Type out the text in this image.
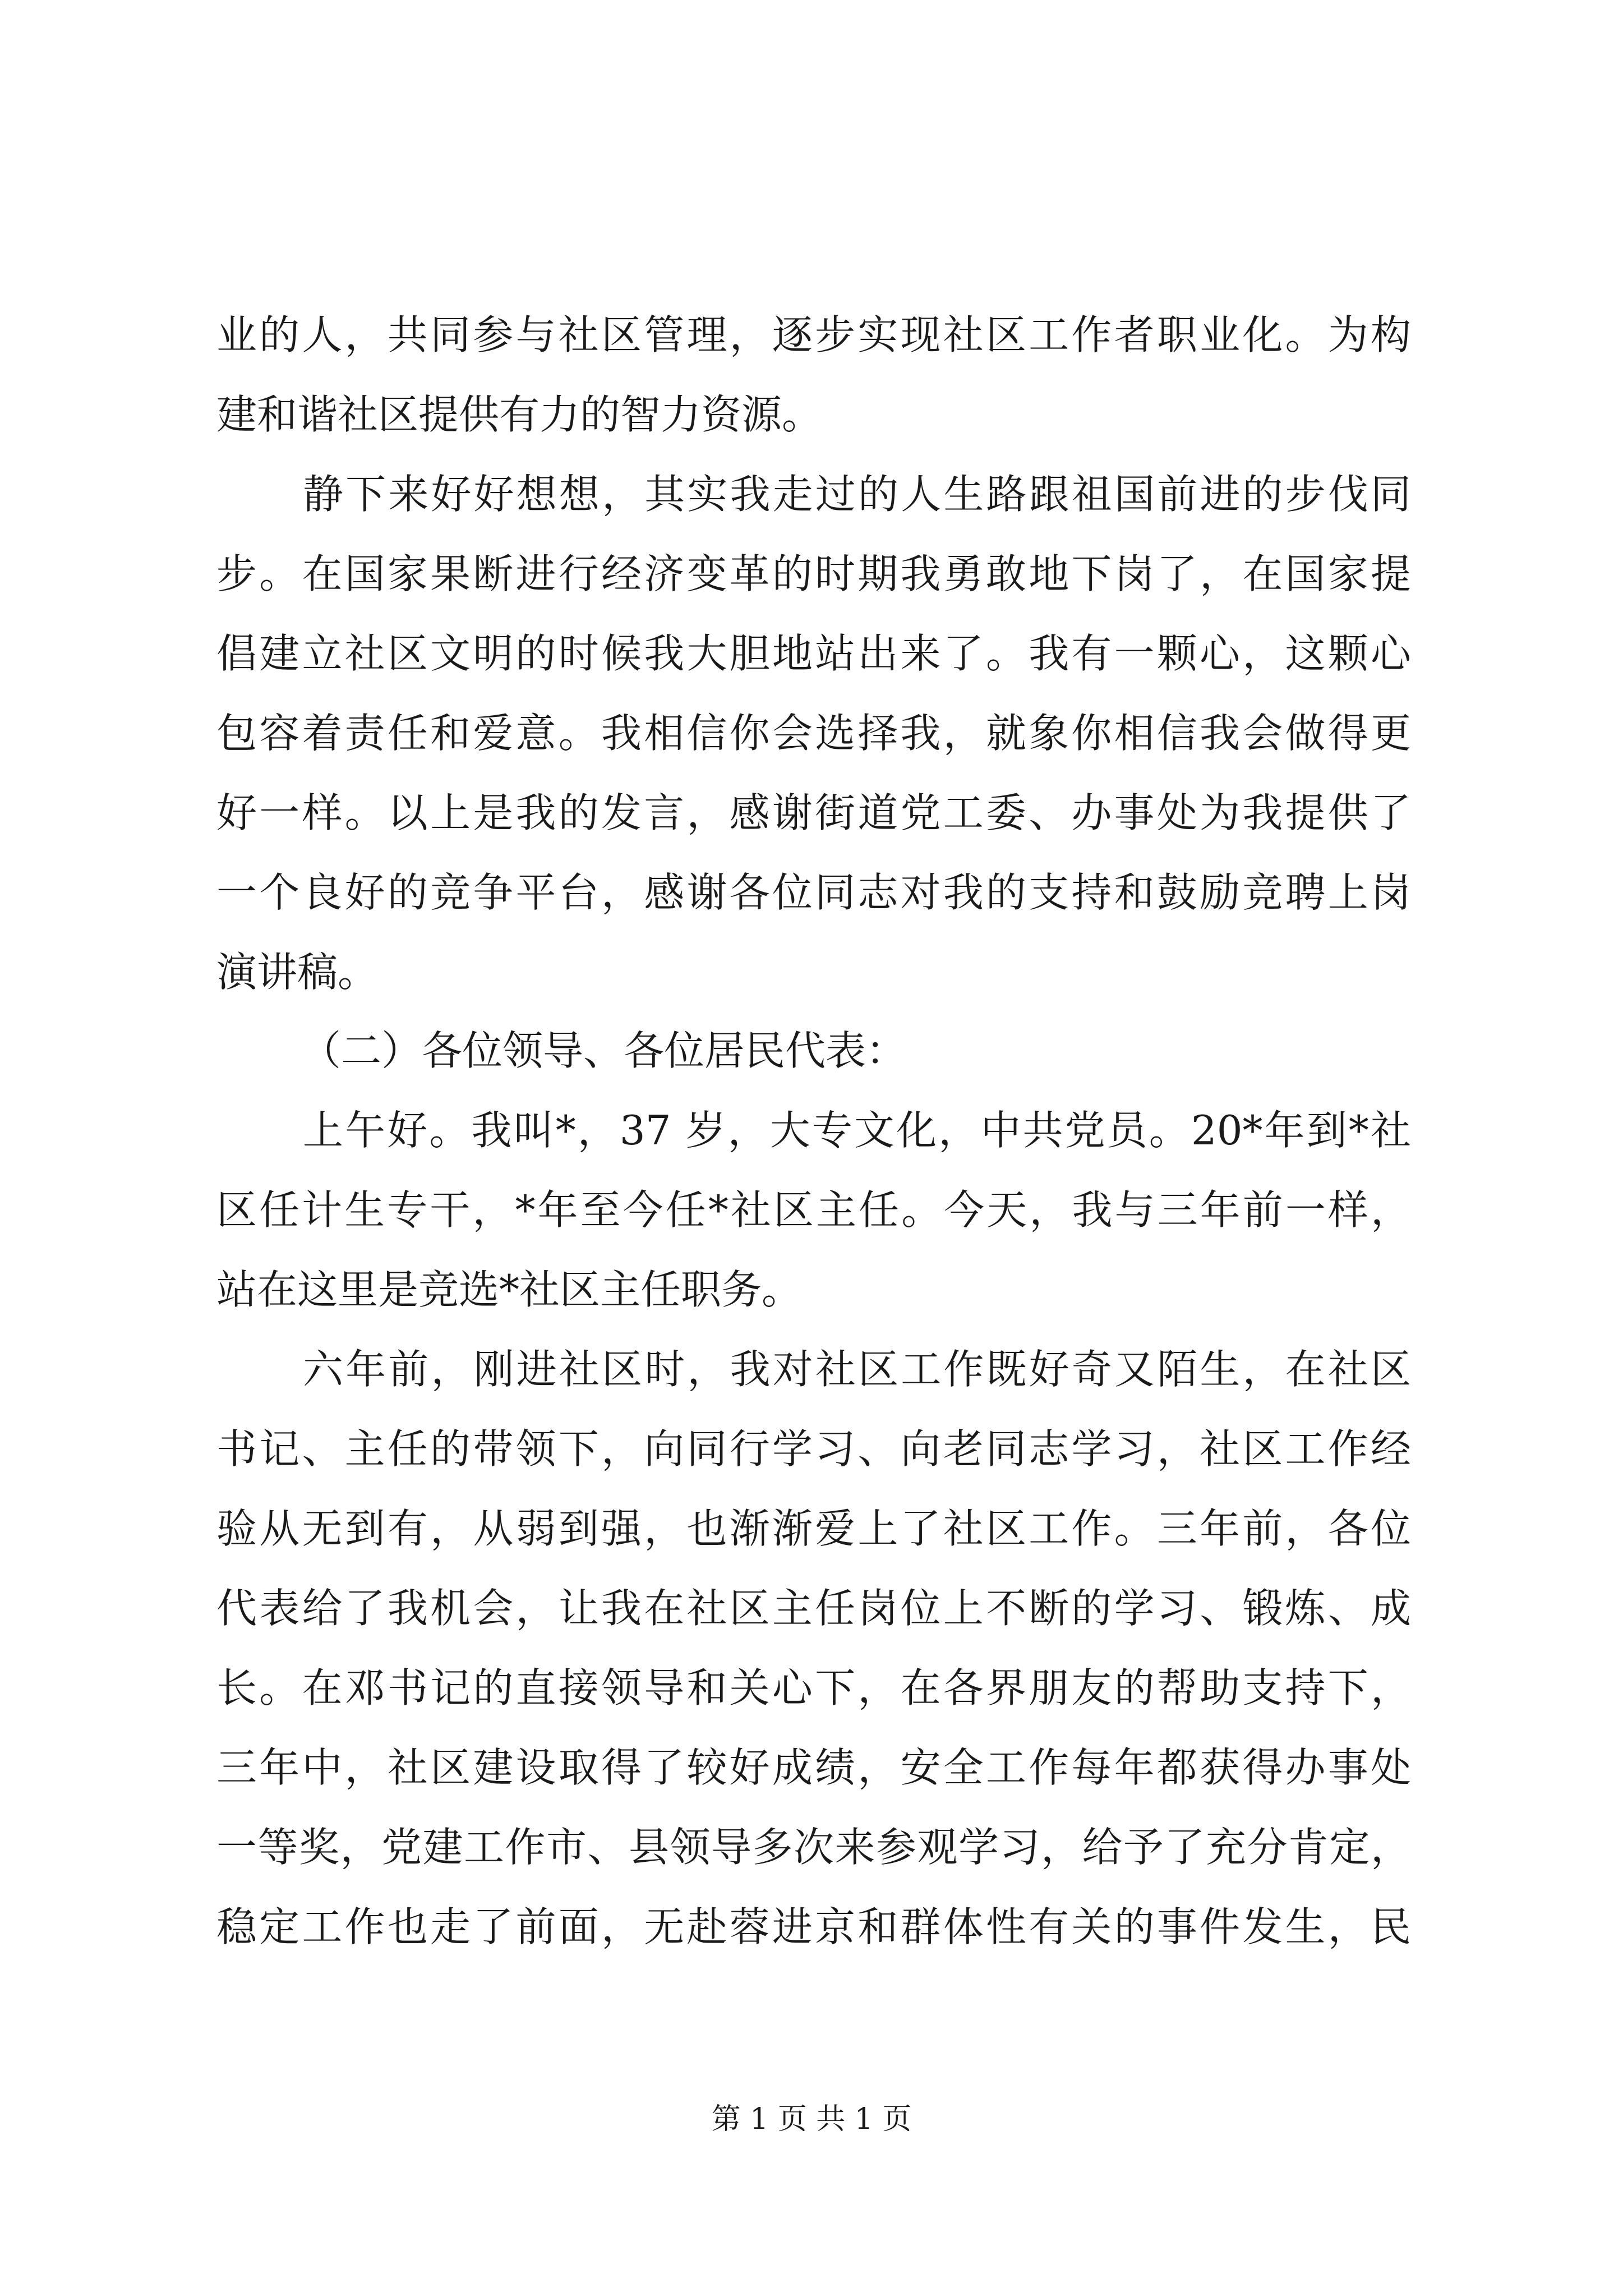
业的人，共同参与社区管理，逐步实现社区工作者职业化。为构
建和谐社区提供有力的智力资源。
静下来好好想想，其实我走过的人生路跟祖国前进的步伐同
步。在国家果断进行经济变革的时期我勇敢地下岗了，在国家提
倡建立社区文明的时候我大胆地站出来了。我有一颗心，这颗心
包容着责任和爱意。我相信你会选择我，就象你相信我会做得更
好一样。以上是我的发言，感谢街道党工委、办事处为我提供了
一个良好的竞争平台，感谢各位同志对我的支持和鼓励竞聘上岗
演讲稿。
（二）各位领导、各位居民代表：
上午好。我叫*，37 岁，大专文化，中共党员。20*年到*社
区任计生专干，*年至今任*社区主任。今天，我与三年前一样，
站在这里是竞选*社区主任职务。
六年前，刚进社区时，我对社区工作既好奇又陌生，在社区
书记、主任的带领下，向同行学习、向老同志学习，社区工作经
验从无到有，从弱到强，也渐渐爱上了社区工作。三年前，各位
代表给了我机会，让我在社区主任岗位上不断的学习、锻炼、成
长。在邓书记的直接领导和关心下，在各界朋友的帮助支持下，
三年中，社区建设取得了较好成绩，安全工作每年都获得办事处
一等奖，党建工作市、县领导多次来参观学习，给予了充分肯定，
稳定工作也走了前面，无赴蓉进京和群体性有关的事件发生，民
第 1 页 共 1 页
